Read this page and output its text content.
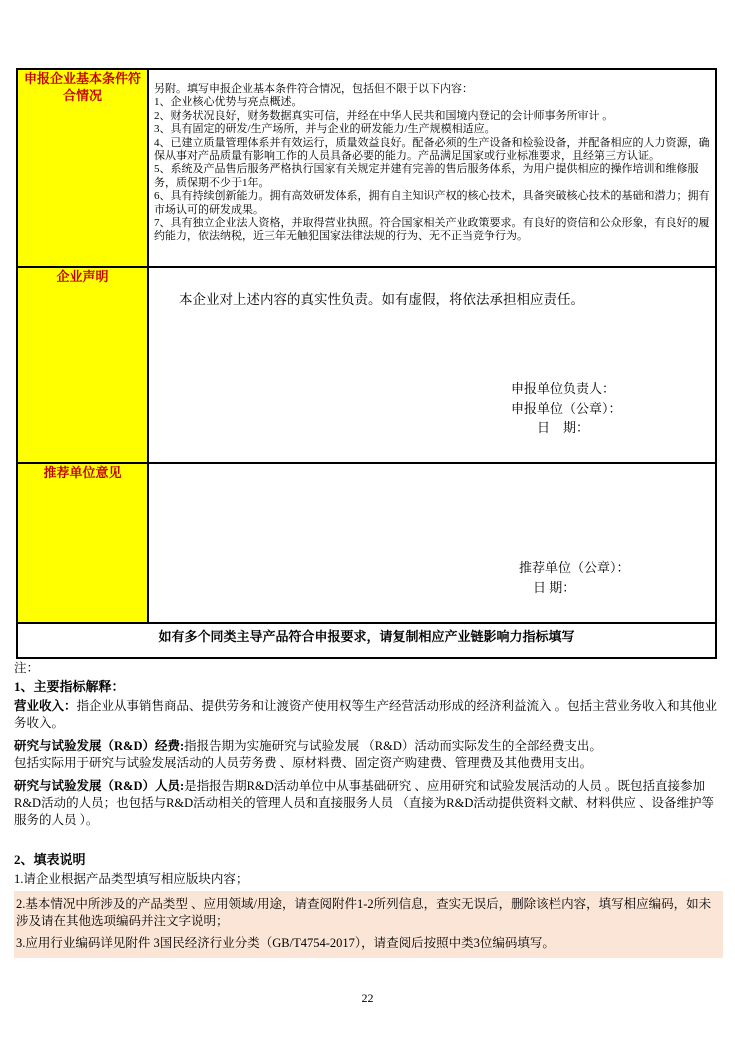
申报企业基本条件符合情况	另附。填写申报企业基本条件符合情况，包括但不限于以下内容：
1、企业核心优势与亮点概述。
2、财务状况良好，财务数据真实可信，并经在中华人民共和国境内登记的会计师事务所审计 。
3、具有固定的研发/生产场所，并与企业的研发能力/生产规模相适应。
4、已建立质量管理体系并有效运行，质量效益良好。配备必须的生产设备和检验设备，并配备相应的人力资源，确保从事对产品质量有影响工作的人员具备必要的能力。产品满足国家或行业标准要求，且经第三方认证。
5、系统及产品售后服务严格执行国家有关规定并建有完善的售后服务体系，为用户提供相应的操作培训和维修服务，质保期不少于1年。
6、具有持续创新能力。拥有高效研发体系，拥有自主知识产权的核心技术，具备突破核心技术的基础和潜力；拥有市场认可的研发成果。
7、具有独立企业法人资格，并取得营业执照。符合国家相关产业政策要求。有良好的资信和公众形象，有良好的履约能力，依法纳税，近三年无触犯国家法律法规的行为、无不正当竞争行为。

企业声明	本企业对上述内容的真实性负责。如有虚假，将依法承担相应责任。
申报单位负责人：
申报单位（公章）：
日　期：

推荐单位意见	推荐单位（公章）：
日 期：

如有多个同类主导产品符合申报要求，请复制相应产业链影响力指标填写	
注：
1、主要指标解释：
营业收入：指企业从事销售商品、提供劳务和让渡资产使用权等生产经营活动形成的经济利益流入 。包括主营业务收入和其他业务收入。
研究与试验发展（R&D）经费:指报告期为实施研究与试验发展 （R&D）活动而实际发生的全部经费支出。
包括实际用于研究与试验发展活动的人员劳务费 、原材料费、固定资产购建费、管理费及其他费用支出。
研究与试验发展（R&D）人员:是指报告期R&D活动单位中从事基础研究 、应用研究和试验发展活动的人员 。既包括直接参加R&D活动的人员；也包括与R&D活动相关的管理人员和直接服务人员 （直接为R&D活动提供资料文献、材料供应 、设备维护等服务的人员 ）。
2、填表说明
1.请企业根据产品类型填写相应版块内容；
2.基本情况中所涉及的产品类型 、应用领域/用途，请查阅附件1-2所列信息，查实无误后，删除该栏内容，填写相应编码，如未涉及请在其他选项编码并注文字说明；
3.应用行业编码详见附件 3国民经济行业分类（GB/T4754-2017），请查阅后按照中类3位编码填写。
22
